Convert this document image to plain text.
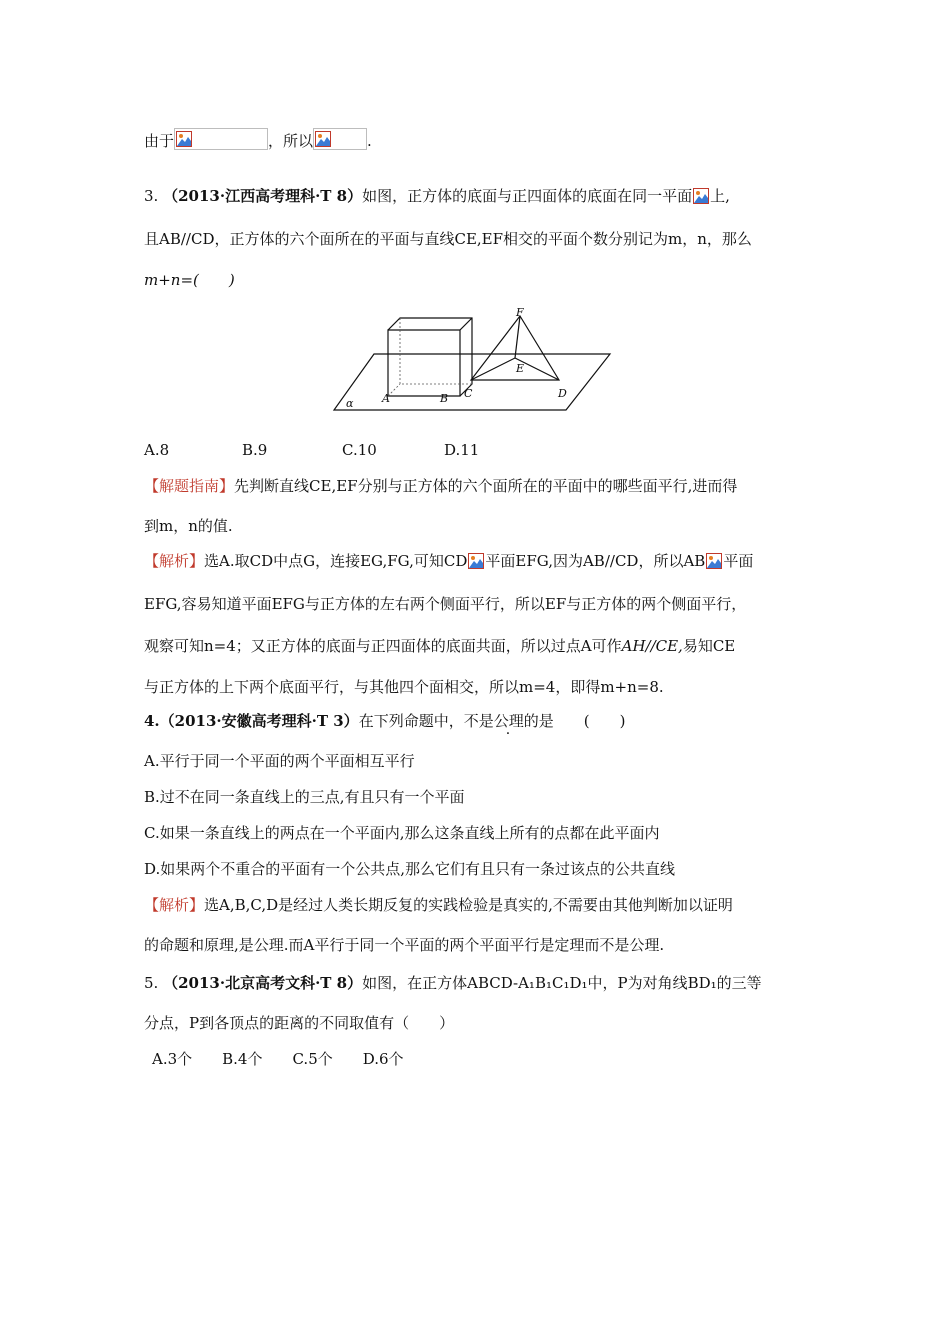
由于	，所以	.
3. （2013·江西高考理科·T 8）如图，正方体的底面与正四面体的底面在同一平面 上,
且AB//CD，正方体的六个面所在的平面与直线CE,EF相交的平面个数分别记为m，n，那么
m+n=(　　)
α	A	B C	D
E
F
A.8	B.9	C.10	D.11
【解题指南】先判断直线CE,EF分别与正方体的六个面所在的平面中的哪些面平行,进而得
到m，n的值.
【解析】选A.取CD中点G，连接EG,FG,可知CD 平面EFG,因为AB//CD，所以AB 平面
EFG,容易知道平面EFG与正方体的左右两个侧面平行，所以EF与正方体的两个侧面平行，
观察可知n=4；又正方体的底面与正四面体的底面共面，所以过点A可作AH//CE,易知CE
与正方体的上下两个底面平行，与其他四个面相交，所以m=4，即得m+n=8.
4.（2013·安徽高考理科·T 3）在下列命题中，不是公理的是　　(　　)
A.平行于同一个平面的两个平面相互平行
B.过不在同一条直线上的三点,有且只有一个平面
C.如果一条直线上的两点在一个平面内,那么这条直线上所有的点都在此平面内
D.如果两个不重合的平面有一个公共点,那么它们有且只有一条过该点的公共直线
【解析】选A,B,C,D是经过人类长期反复的实践检验是真实的,不需要由其他判断加以证明
的命题和原理,是公理.而A平行于同一个平面的两个平面平行是定理而不是公理.
5. （2013·北京高考文科·T 8）如图，在正方体ABCD-A₁B₁C₁D₁中，P为对角线BD₁的三等
分点，P到各顶点的距离的不同取值有（　　）
A.3个　　B.4个　　C.5个　　D.6个
